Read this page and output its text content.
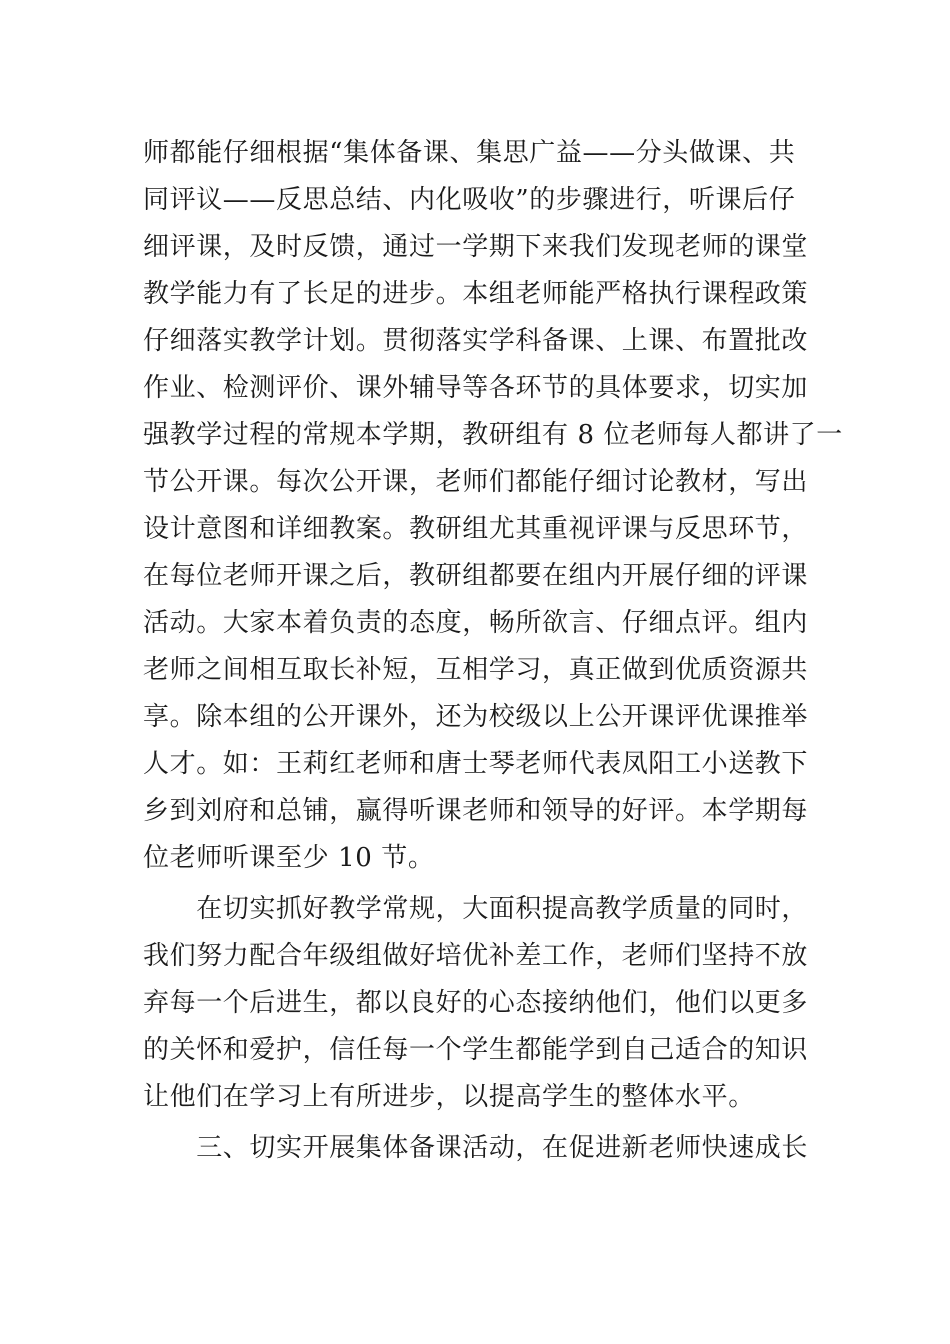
师都能仔细根据“集体备课、集思广益——分头做课、共
同评议——反思总结、内化吸收”的步骤进行，听课后仔
细评课，及时反馈，通过一学期下来我们发现老师的课堂
教学能力有了长足的进步。本组老师能严格执行课程政策
仔细落实教学计划。贯彻落实学科备课、上课、布置批改
作业、检测评价、课外辅导等各环节的具体要求，切实加
强教学过程的常规本学期，教研组有 8 位老师每人都讲了一
节公开课。每次公开课，老师们都能仔细讨论教材，写出
设计意图和详细教案。教研组尤其重视评课与反思环节，
在每位老师开课之后，教研组都要在组内开展仔细的评课
活动。大家本着负责的态度，畅所欲言、仔细点评。组内
老师之间相互取长补短，互相学习，真正做到优质资源共
享。除本组的公开课外，还为校级以上公开课评优课推举
人才。如：王莉红老师和唐士琴老师代表凤阳工小送教下
乡到刘府和总铺，赢得听课老师和领导的好评。本学期每
位老师听课至少 10 节。
　　在切实抓好教学常规，大面积提高教学质量的同时，
我们努力配合年级组做好培优补差工作，老师们坚持不放
弃每一个后进生，都以良好的心态接纳他们，他们以更多
的关怀和爱护，信任每一个学生都能学到自己适合的知识
让他们在学习上有所进步，以提高学生的整体水平。
　　三、切实开展集体备课活动，在促进新老师快速成长
